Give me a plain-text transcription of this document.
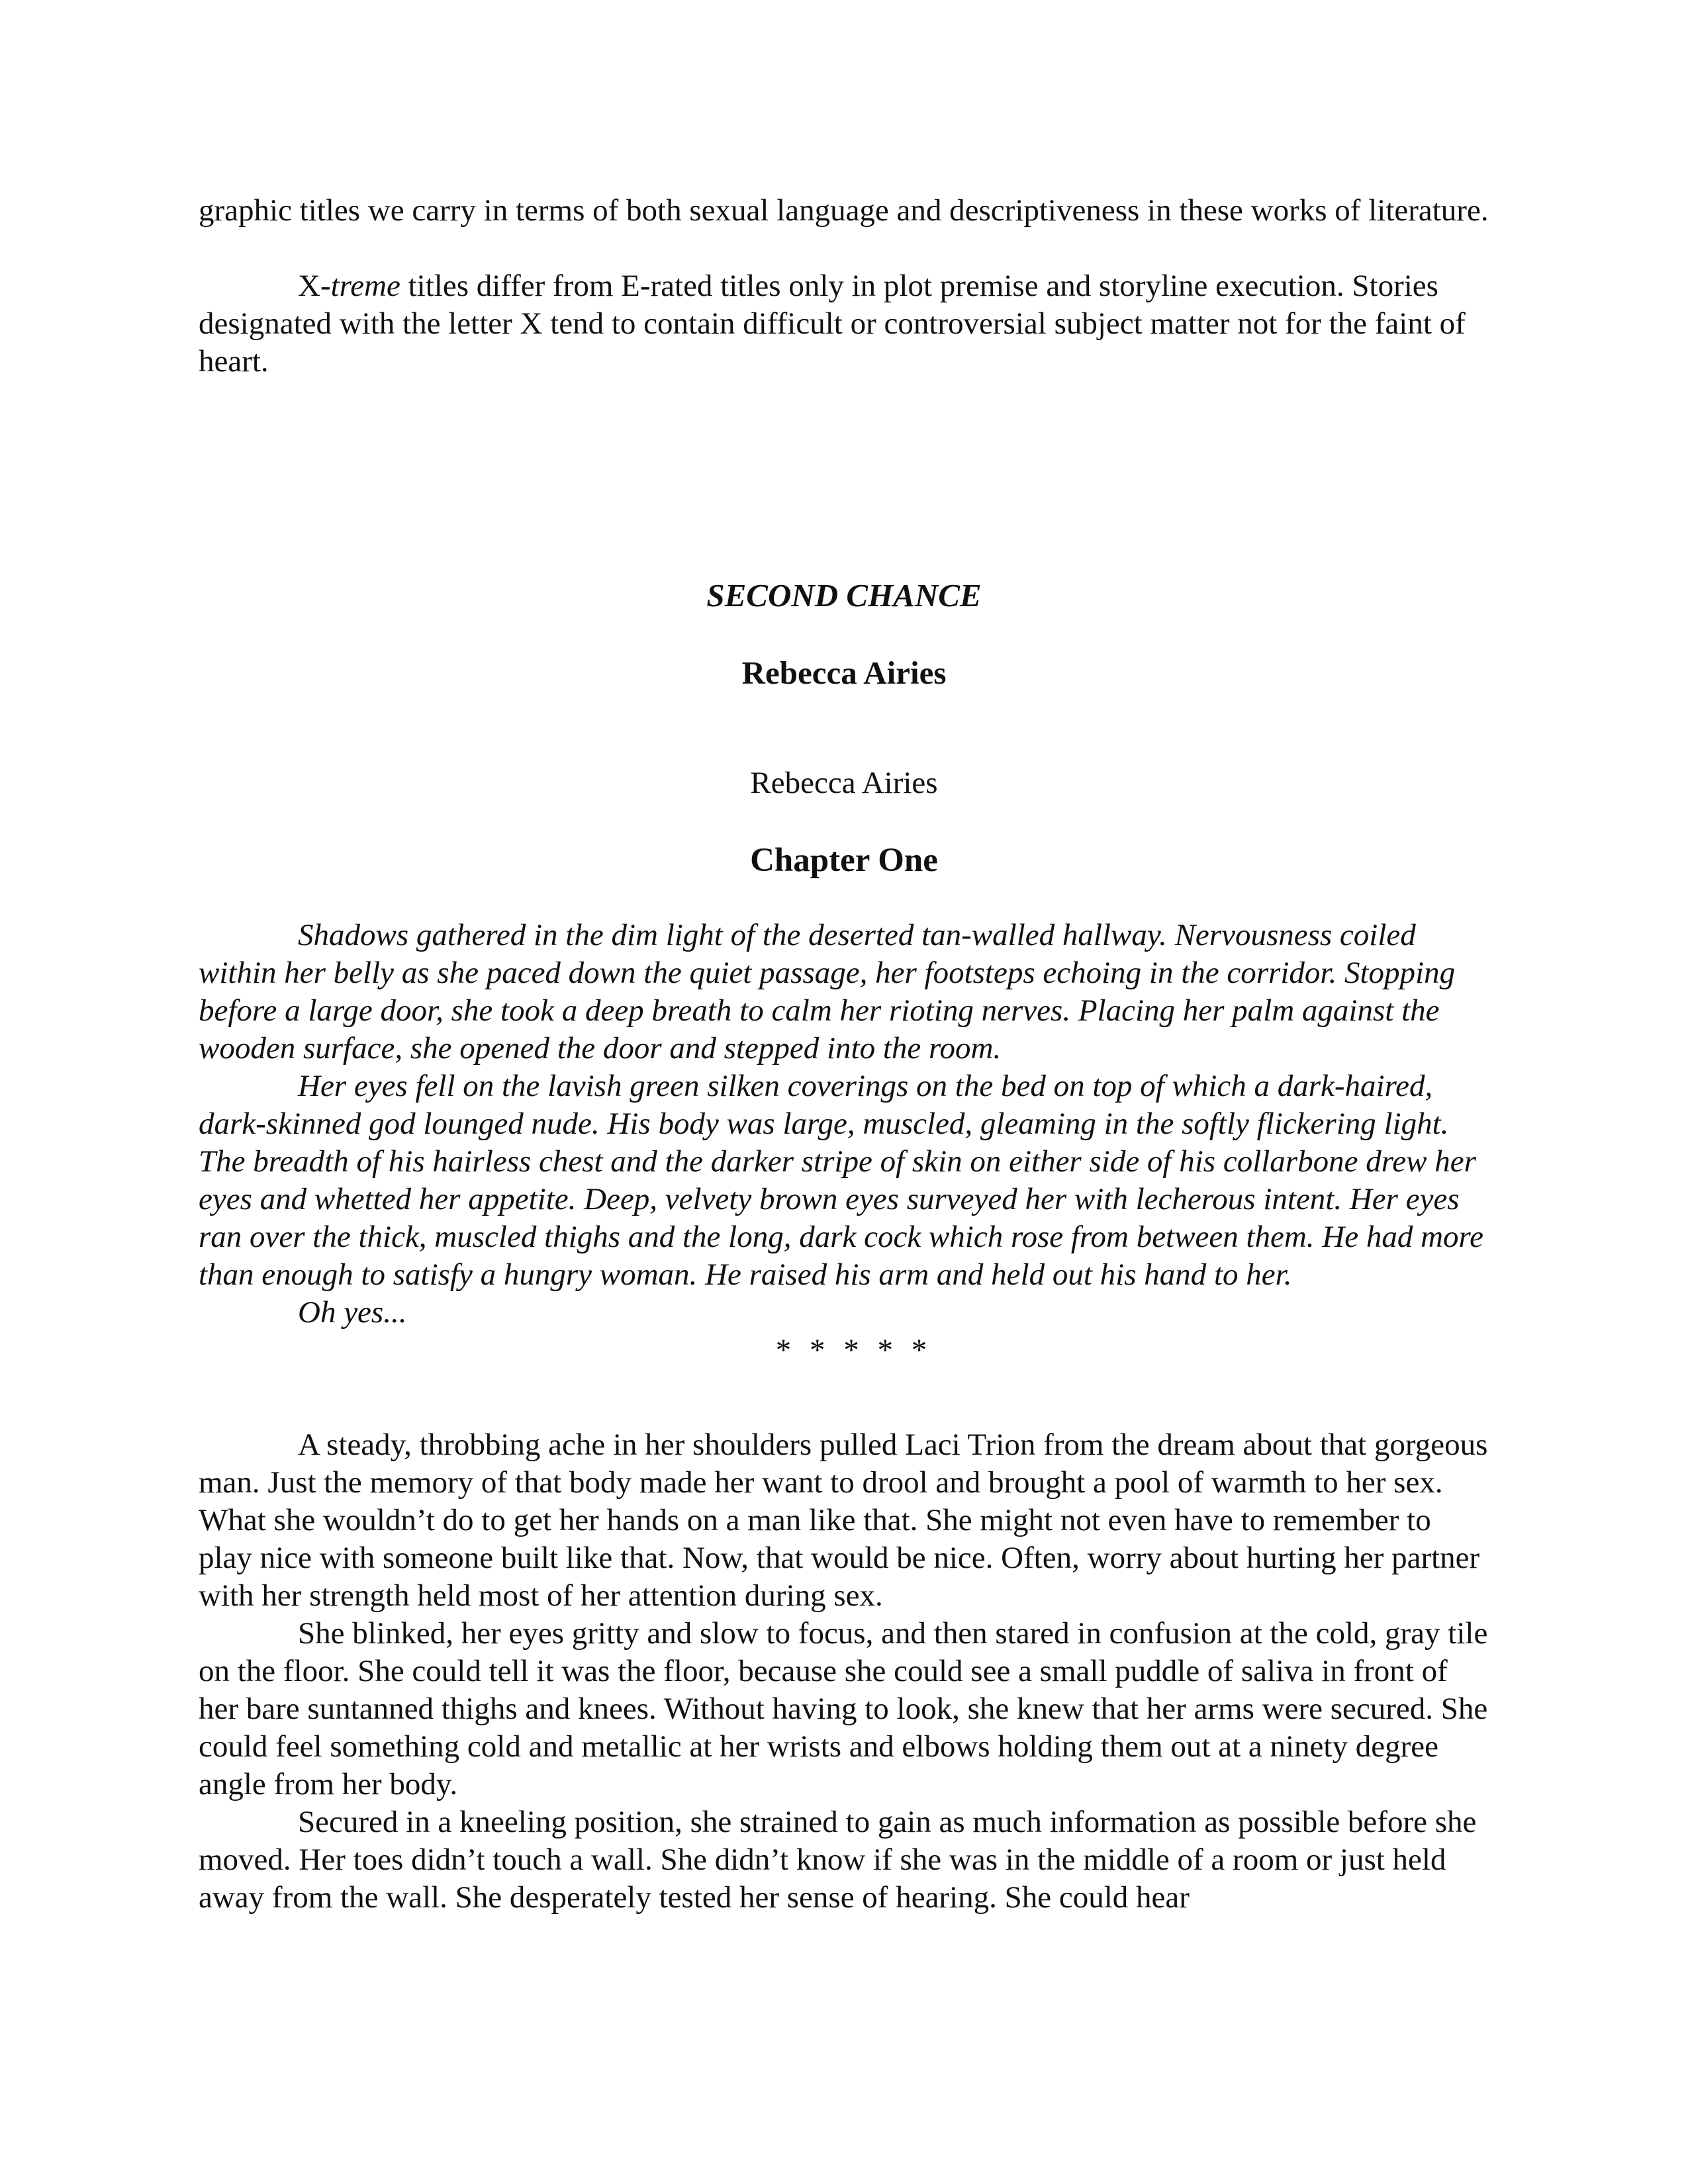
graphic titles we carry in terms of both sexual language and descriptiveness in these works of literature.

X-treme titles differ from E-rated titles only in plot premise and storyline execution. Stories designated with the letter X tend to contain difficult or controversial subject matter not for the faint of heart.

SECOND CHANCE

Rebecca Airies

Rebecca Airies

Chapter One

Shadows gathered in the dim light of the deserted tan-walled hallway. Nervousness coiled within her belly as she paced down the quiet passage, her footsteps echoing in the corridor. Stopping before a large door, she took a deep breath to calm her rioting nerves. Placing her palm against the wooden surface, she opened the door and stepped into the room.

Her eyes fell on the lavish green silken coverings on the bed on top of which a dark-haired, dark-skinned god lounged nude. His body was large, muscled, gleaming in the softly flickering light. The breadth of his hairless chest and the darker stripe of skin on either side of his collarbone drew her eyes and whetted her appetite. Deep, velvety brown eyes surveyed her with lecherous intent. Her eyes ran over the thick, muscled thighs and the long, dark cock which rose from between them. He had more than enough to satisfy a hungry woman. He raised his arm and held out his hand to her.

Oh yes...

* * * * *

A steady, throbbing ache in her shoulders pulled Laci Trion from the dream about that gorgeous man. Just the memory of that body made her want to drool and brought a pool of warmth to her sex. What she wouldn’t do to get her hands on a man like that. She might not even have to remember to play nice with someone built like that. Now, that would be nice. Often, worry about hurting her partner with her strength held most of her attention during sex.

She blinked, her eyes gritty and slow to focus, and then stared in confusion at the cold, gray tile on the floor. She could tell it was the floor, because she could see a small puddle of saliva in front of her bare suntanned thighs and knees. Without having to look, she knew that her arms were secured. She could feel something cold and metallic at her wrists and elbows holding them out at a ninety degree angle from her body.

Secured in a kneeling position, she strained to gain as much information as possible before she moved. Her toes didn’t touch a wall. She didn’t know if she was in the middle of a room or just held away from the wall. She desperately tested her sense of hearing. She could hear
